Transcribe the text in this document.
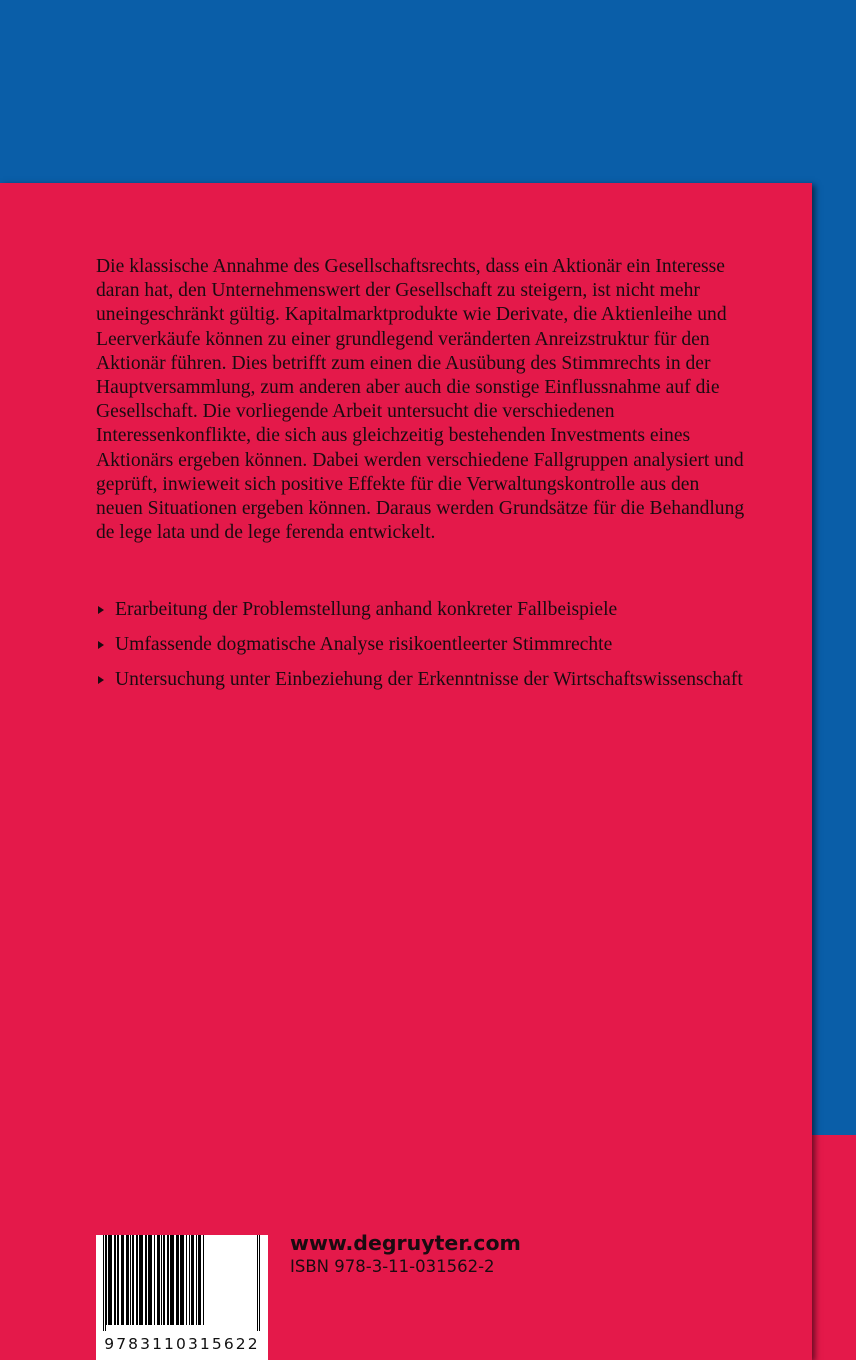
Die klassische Annahme des Gesellschaftsrechts, dass ein Aktionär ein Interesse daran hat, den Unternehmenswert der Gesellschaft zu steigern, ist nicht mehr uneingeschränkt gültig. Kapitalmarktprodukte wie Derivate, die Aktienleihe und Leerverkäufe können zu einer grundlegend veränderten Anreizstruktur für den Aktionär führen. Dies betrifft zum einen die Ausübung des Stimmrechts in der Hauptversammlung, zum anderen aber auch die sonstige Einflussnahme auf die Gesellschaft. Die vorliegende Arbeit untersucht die verschiedenen Interessenkonflikte, die sich aus gleichzeitig bestehenden Investments eines Aktionärs ergeben können. Dabei werden verschiedene Fallgruppen analysiert und geprüft, inwieweit sich positive Effekte für die Verwaltungskontrolle aus den neuen Situationen ergeben können. Daraus werden Grundsätze für die Behandlung de lege lata und de lege ferenda entwickelt.

Erarbeitung der Problemstellung anhand konkreter Fallbeispiele
Umfassende dogmatische Analyse risikoentleerter Stimmrechte
Untersuchung unter Einbeziehung der Erkenntnisse der Wirtschaftswissenschaft
9783110315622
www.degruyter.com
ISBN 978-3-11-031562-2
